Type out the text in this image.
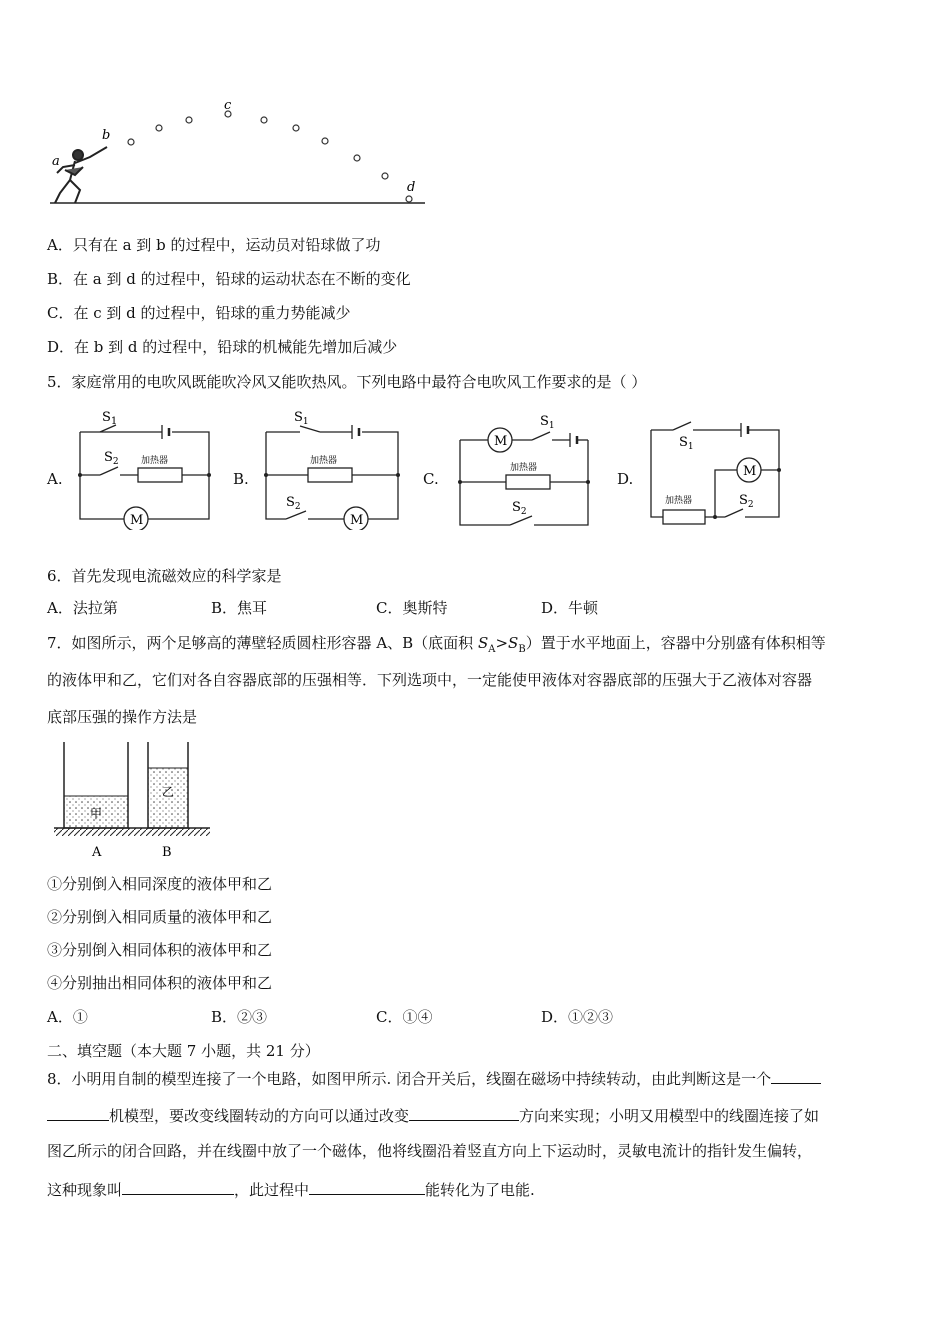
a
b
c
d
A．只有在 a 到 b 的过程中，运动员对铅球做了功
B．在 a 到 d 的过程中，铅球的运动状态在不断的变化
C．在 c 到 d 的过程中，铅球的重力势能减少
D．在 b 到 d 的过程中，铅球的机械能先增加后减少
5．家庭常用的电吹风既能吹冷风又能吹热风。下列电路中最符合电吹风工作要求的是（ ）
A.	B.	C.	D.
$S_1$
$S_2$ 加热器
M
$S_1$
$S_2$
加热器
M
$S_1$
$S_2$
加热器
M	$S_1$
$S_2$
加热器
M
6．首先发现电流磁效应的科学家是
A．法拉第	B．焦耳	C．奥斯特	D．牛顿
7．如图所示，两个足够高的薄壁轻质圆柱形容器 A、B（底面积 $S_A>S_B$）置于水平地面上，容器中分别盛有体积相等
的液体甲和乙，它们对各自容器底部的压强相等．下列选项中，一定能使甲液体对容器底部的压强大于乙液体对容器
底部压强的操作方法是
甲
乙
A	B
①分别倒入相同深度的液体甲和乙
②分别倒入相同质量的液体甲和乙
③分别倒入相同体积的液体甲和乙
④分别抽出相同体积的液体甲和乙
A．①	B．②③	C．①④	D．①②③
二、填空题（本大题 7 小题，共 21 分）
8．小明用自制的模型连接了一个电路，如图甲所示. 闭合开关后，线圈在磁场中持续转动，由此判断这是一个
机模型，要改变线圈转动的方向可以通过改变	方向来实现；小明又用模型中的线圈连接了如
图乙所示的闭合回路，并在线圈中放了一个磁体，他将线圈沿着竖直方向上下运动时，灵敏电流计的指针发生偏转，
这种现象叫	，此过程中	能转化为了电能.
